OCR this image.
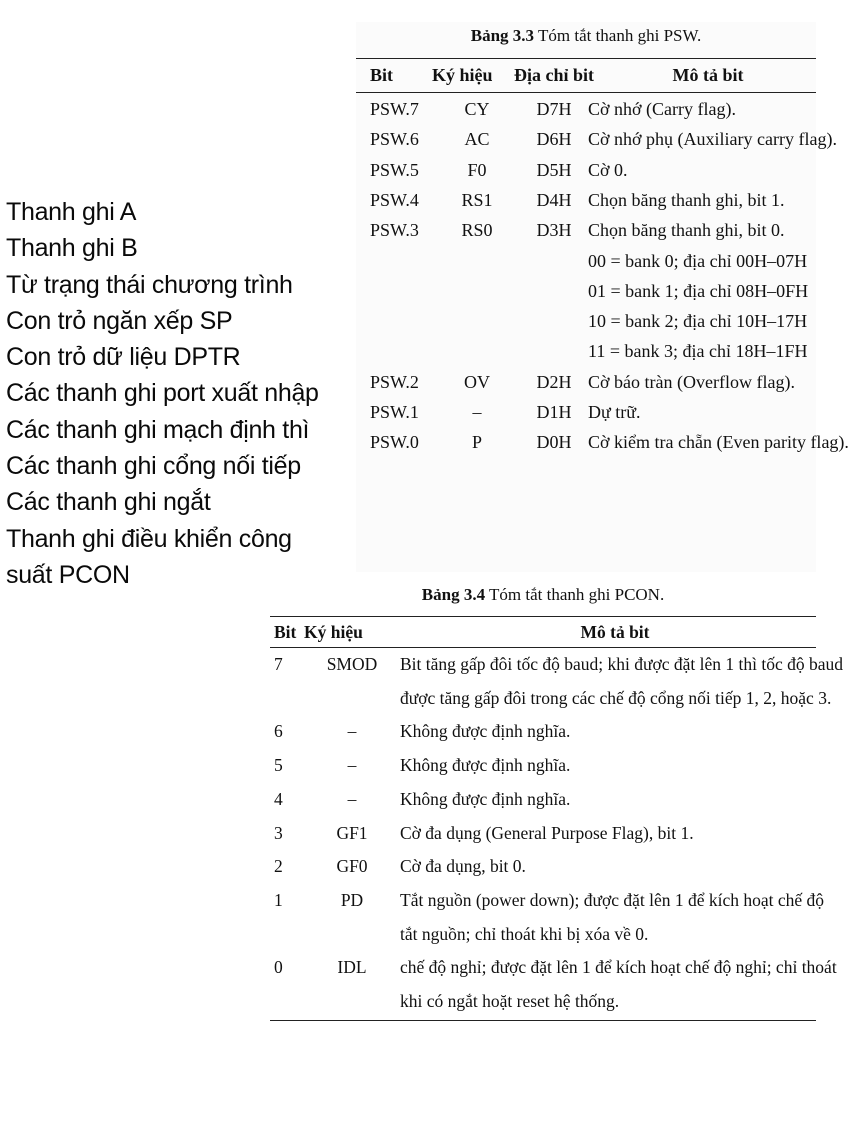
Thanh ghi A
Thanh ghi B
Từ trạng thái chương trình
Con trỏ ngăn xếp SP
Con trỏ dữ liệu DPTR
Các thanh ghi port xuất nhập
Các thanh ghi mạch định thì
Các thanh ghi cổng nối tiếp
Các thanh ghi ngắt
Thanh ghi điều khiển công
suất PCON
Bảng 3.3 Tóm tắt thanh ghi PSW.
Bit	Ký hiệu	Địa chỉ bit	Mô tả bit
PSW.7	CY	D7H Cờ nhớ (Carry flag).
PSW.6	AC	D6H Cờ nhớ phụ (Auxiliary carry flag).
PSW.5	F0	D5H Cờ 0.
PSW.4	RS1	D4H Chọn băng thanh ghi, bit 1.
PSW.3	RS0	D3H Chọn băng thanh ghi, bit 0.
00 = bank 0; địa chỉ 00H–07H
01 = bank 1; địa chỉ 08H–0FH
10 = bank 2; địa chỉ 10H–17H
11 = bank 3; địa chỉ 18H–1FH
PSW.2	OV	D2H Cờ báo tràn (Overflow flag).
PSW.1	–	D1H Dự trữ.
PSW.0	P	D0H Cờ kiểm tra chẵn (Even parity flag).
Bảng 3.4 Tóm tắt thanh ghi PCON.
Bit Ký hiệu	Mô tả bit
7	SMOD	Bit tăng gấp đôi tốc độ baud; khi được đặt lên 1 thì tốc độ baud
được tăng gấp đôi trong các chế độ cổng nối tiếp 1, 2, hoặc 3.
6	–	Không được định nghĩa.
5	–	Không được định nghĩa.
4	–	Không được định nghĩa.
3	GF1	Cờ đa dụng (General Purpose Flag), bit 1.
2	GF0	Cờ đa dụng, bit 0.
1	PD	Tắt nguồn (power down); được đặt lên 1 để kích hoạt chế độ
tắt nguồn; chỉ thoát khi bị xóa về 0.
0	IDL	chế độ nghỉ; được đặt lên 1 để kích hoạt chế độ nghỉ; chỉ thoát
khi có ngắt hoặt reset hệ thống.
